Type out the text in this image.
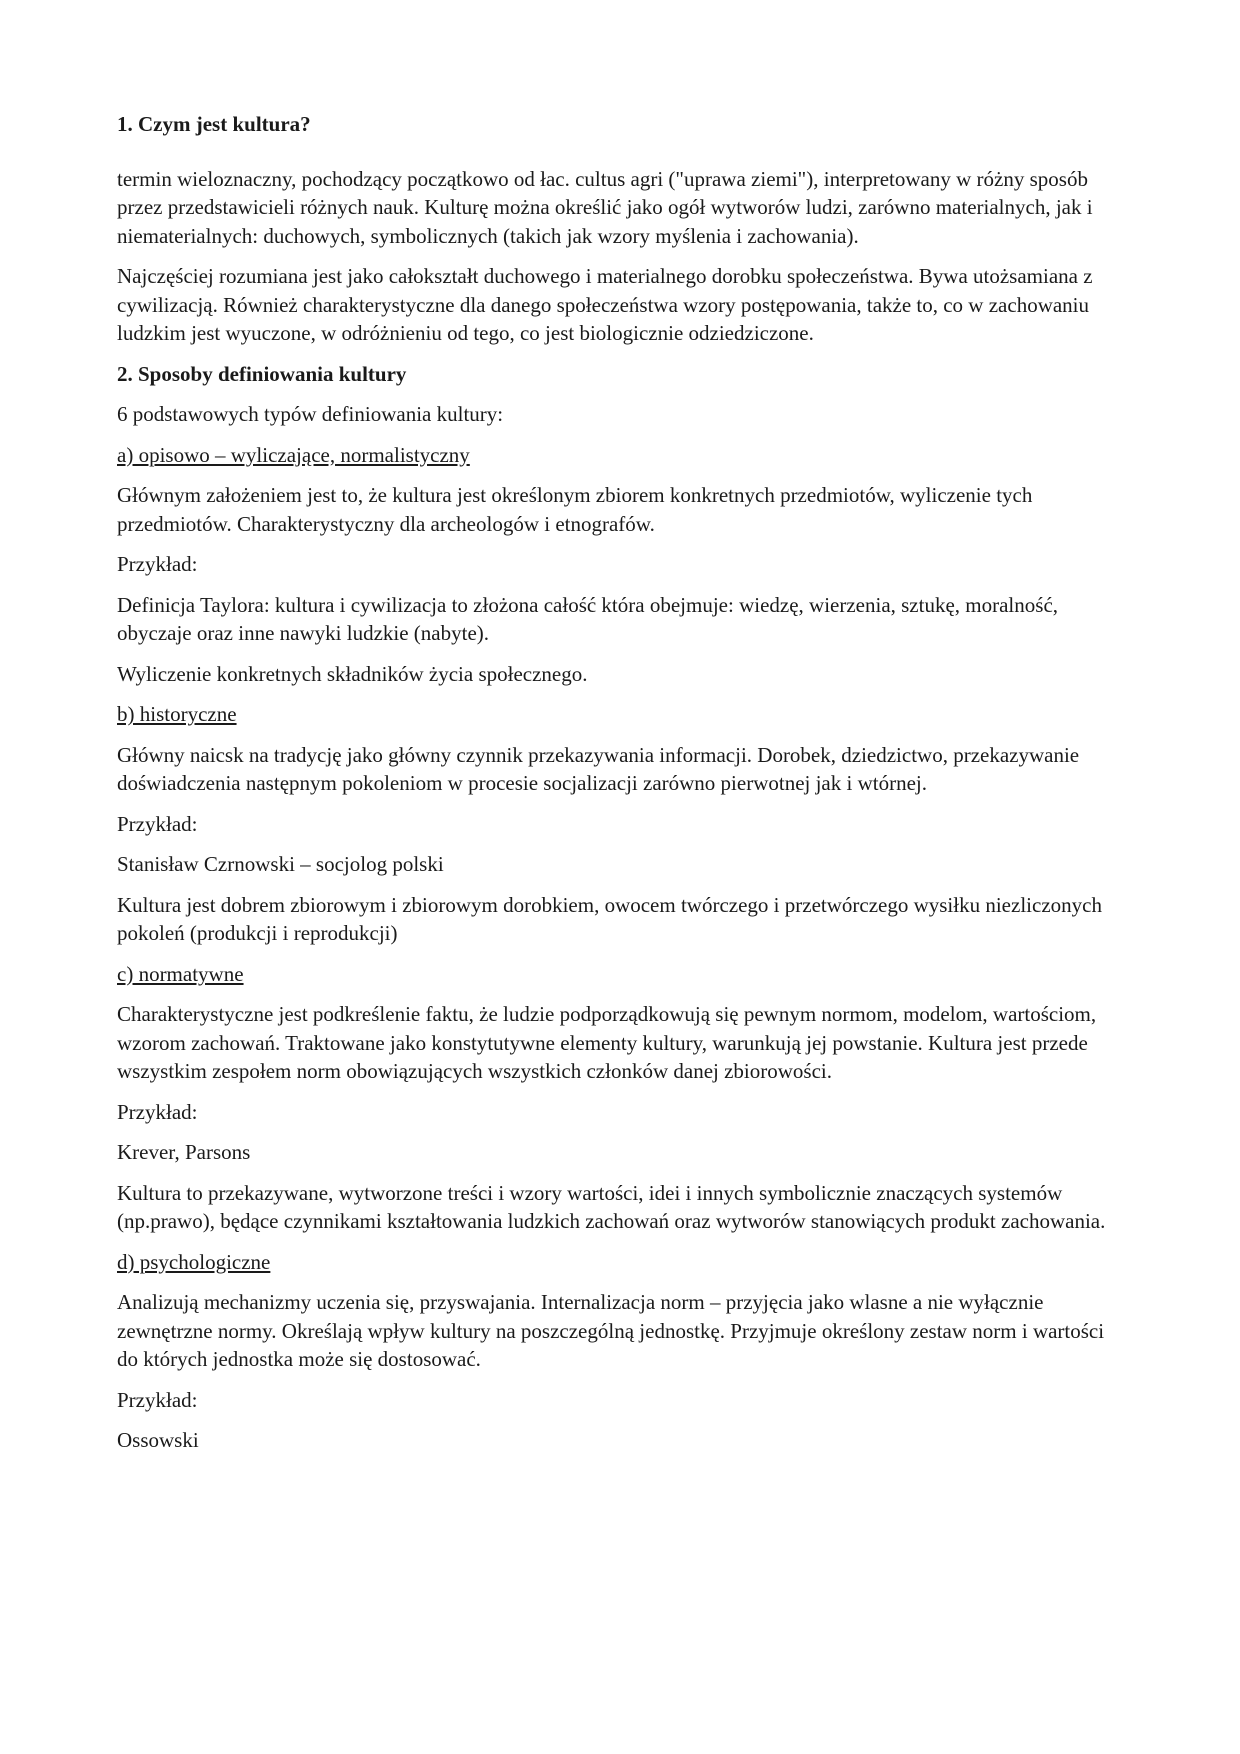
1. Czym jest kultura?

termin wieloznaczny, pochodzący początkowo od łac. cultus agri ("uprawa ziemi"), interpretowany w różny sposób przez przedstawicieli różnych nauk. Kulturę można określić jako ogół wytworów ludzi, zarówno materialnych, jak i niematerialnych: duchowych, symbolicznych (takich jak wzory myślenia i zachowania).

Najczęściej rozumiana jest jako całokształt duchowego i materialnego dorobku społeczeństwa. Bywa utożsamiana z cywilizacją. Również charakterystyczne dla danego społeczeństwa wzory postępowania, także to, co w zachowaniu ludzkim jest wyuczone, w odróżnieniu od tego, co jest biologicznie odziedziczone.

2. Sposoby definiowania kultury

6 podstawowych typów definiowania kultury:

a) opisowo – wyliczające, normalistyczny

Głównym założeniem jest to, że kultura jest określonym zbiorem konkretnych przedmiotów, wyliczenie tych przedmiotów. Charakterystyczny dla archeologów i etnografów.

Przykład:

Definicja Taylora: kultura i cywilizacja to złożona całość która obejmuje: wiedzę, wierzenia, sztukę, moralność, obyczaje oraz inne nawyki ludzkie (nabyte).

Wyliczenie konkretnych składników życia społecznego.

b) historyczne

Główny naicsk na tradycję jako główny czynnik przekazywania informacji. Dorobek, dziedzictwo, przekazywanie doświadczenia następnym pokoleniom w procesie socjalizacji zarówno pierwotnej jak i wtórnej.

Przykład:

Stanisław Czrnowski – socjolog polski

Kultura jest dobrem zbiorowym i zbiorowym dorobkiem, owocem twórczego i przetwórczego wysiłku niezliczonych pokoleń (produkcji i reprodukcji)

c) normatywne

Charakterystyczne jest podkreślenie faktu, że ludzie podporządkowują się pewnym normom, modelom, wartościom, wzorom zachowań. Traktowane jako konstytutywne elementy kultury, warunkują jej powstanie. Kultura jest przede wszystkim zespołem norm obowiązujących wszystkich członków danej zbiorowości.

Przykład:

Krever, Parsons

Kultura to przekazywane, wytworzone treści i wzory wartości, idei i innych symbolicznie znaczących systemów (np.prawo), będące czynnikami kształtowania ludzkich zachowań oraz wytworów stanowiących produkt zachowania.

d) psychologiczne

Analizują mechanizmy uczenia się, przyswajania. Internalizacja norm – przyjęcia jako wlasne a nie wyłącznie zewnętrzne normy. Określają wpływ kultury na poszczególną jednostkę. Przyjmuje określony zestaw norm i wartości do których jednostka może się dostosować.

Przykład:

Ossowski
